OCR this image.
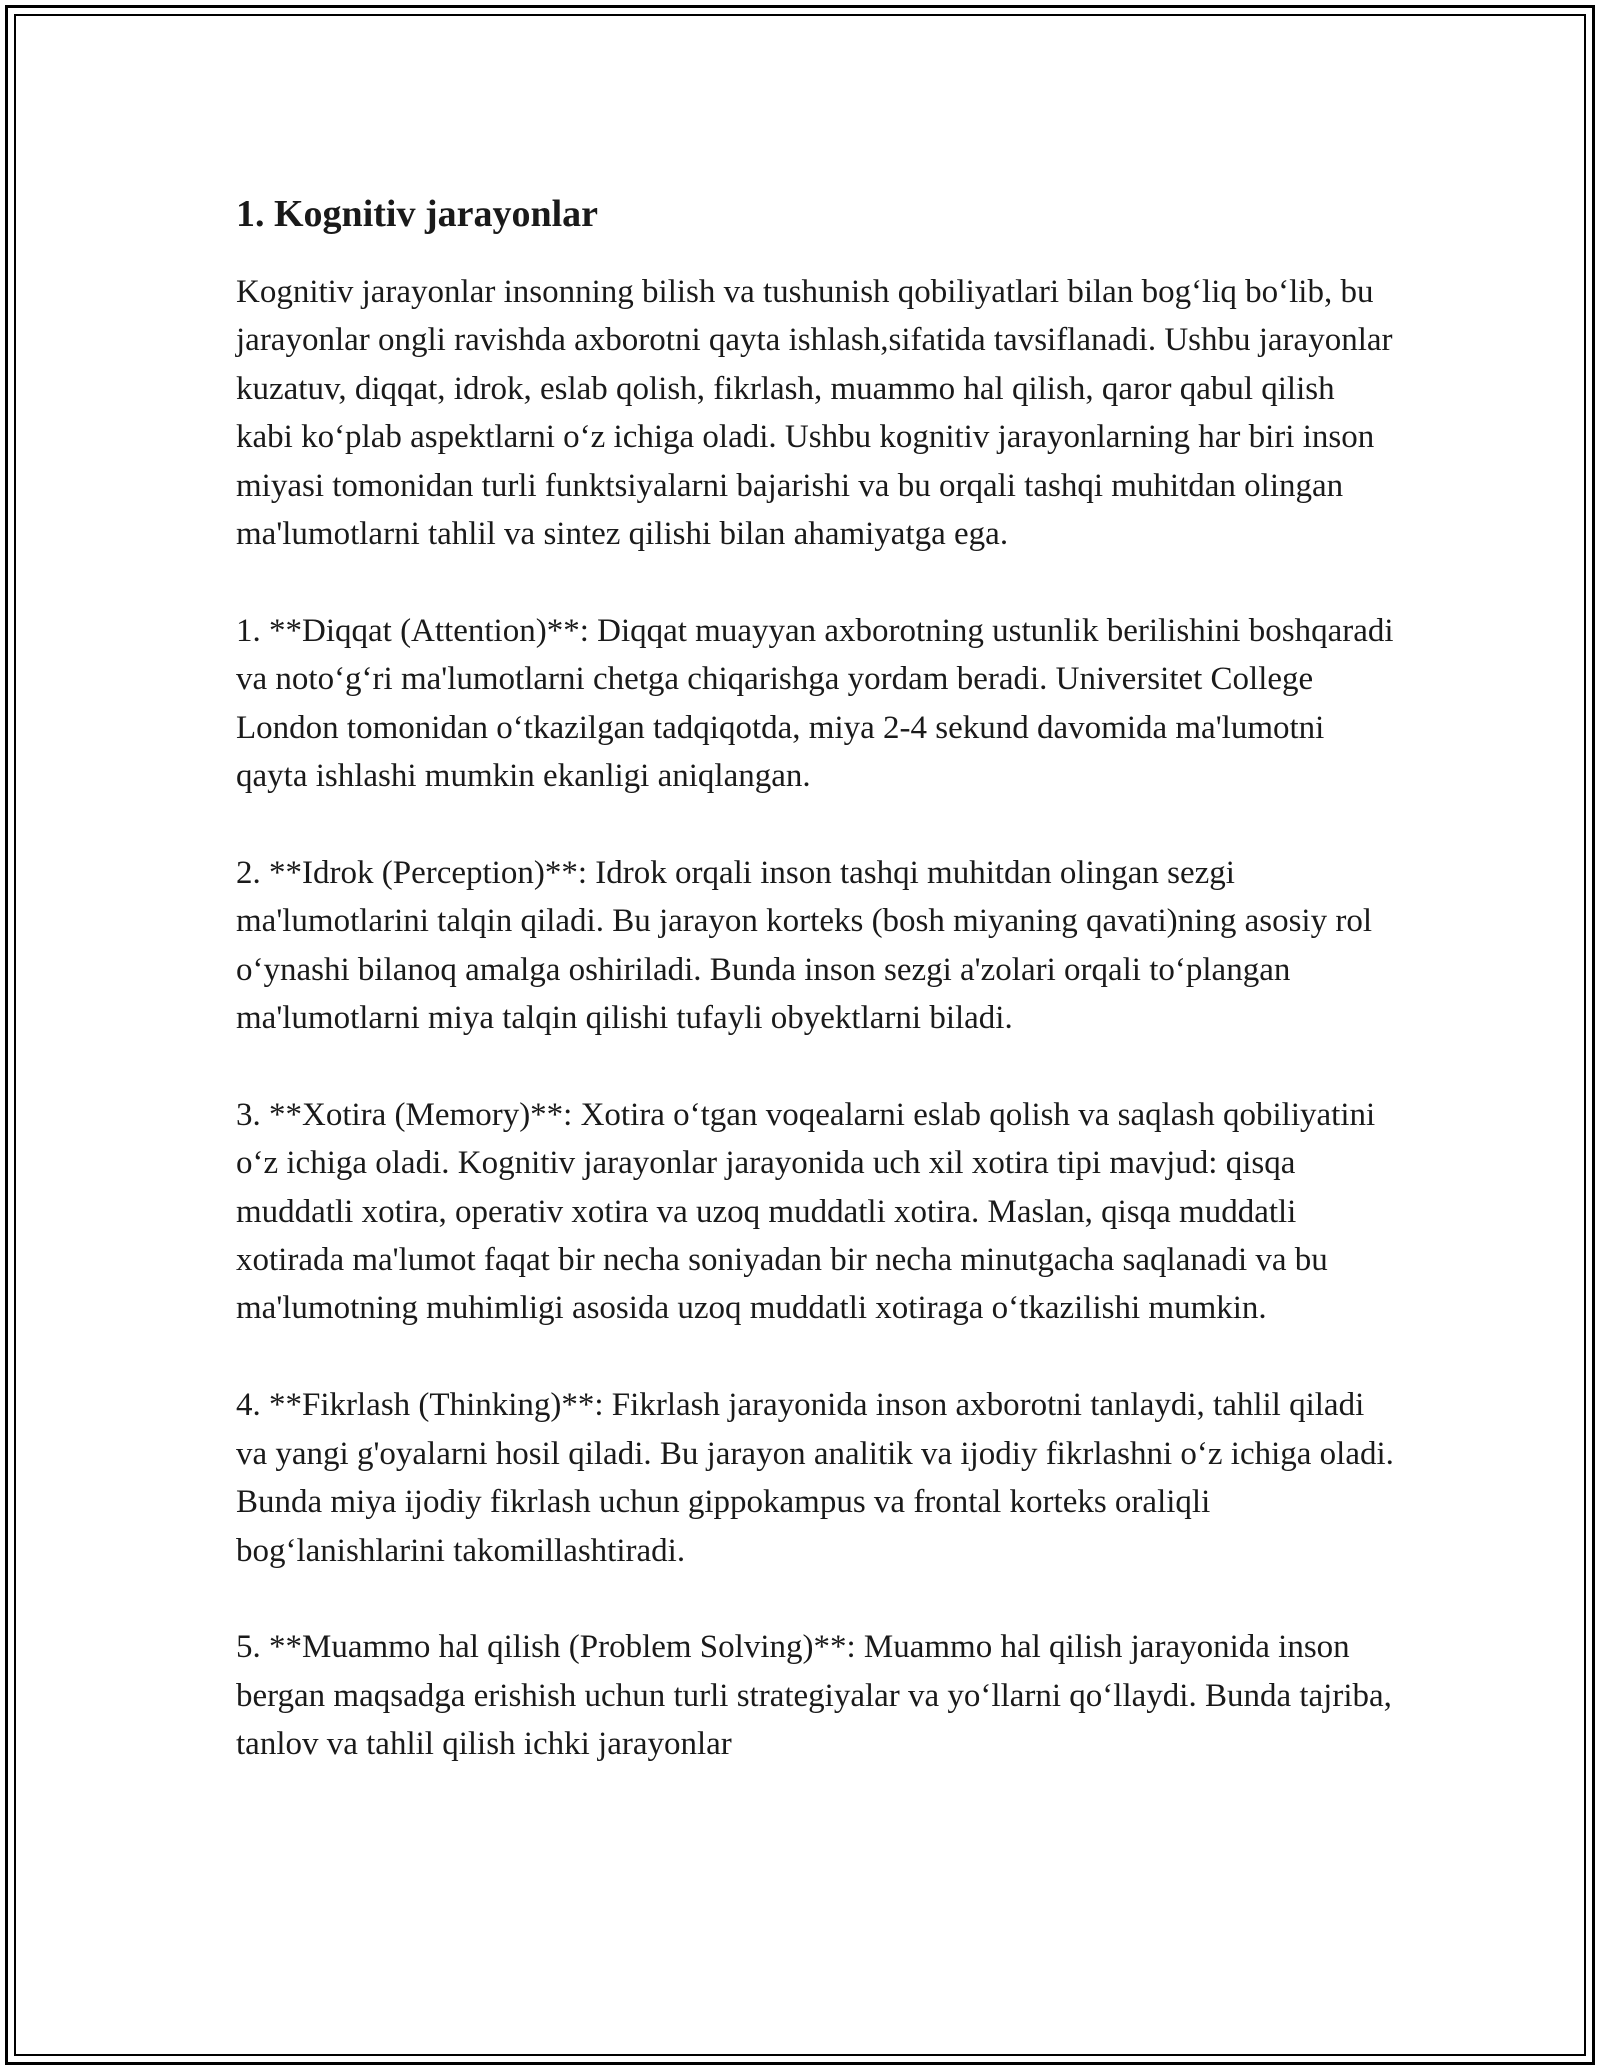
1. Kognitiv jarayonlar

Kognitiv jarayonlar insonning bilish va tushunish qobiliyatlari bilan bog‘liq bo‘lib, bu jarayonlar ongli ravishda axborotni qayta ishlash,sifatida tavsiflanadi. Ushbu jarayonlar kuzatuv, diqqat, idrok, eslab qolish, fikrlash, muammo hal qilish, qaror qabul qilish kabi ko‘plab aspektlarni o‘z ichiga oladi. Ushbu kognitiv jarayonlarning har biri inson miyasi tomonidan turli funktsiyalarni bajarishi va bu orqali tashqi muhitdan olingan ma'lumotlarni tahlil va sintez qilishi bilan ahamiyatga ega.

1. **Diqqat (Attention)**: Diqqat muayyan axborotning ustunlik berilishini boshqaradi va noto‘g‘ri ma'lumotlarni chetga chiqarishga yordam beradi. Universitet College London tomonidan o‘tkazilgan tadqiqotda, miya 2-4 sekund davomida ma'lumotni qayta ishlashi mumkin ekanligi aniqlangan.

2. **Idrok (Perception)**: Idrok orqali inson tashqi muhitdan olingan sezgi ma'lumotlarini talqin qiladi. Bu jarayon korteks (bosh miyaning qavati)ning asosiy rol o‘ynashi bilanoq amalga oshiriladi. Bunda inson sezgi a'zolari orqali to‘plangan ma'lumotlarni miya talqin qilishi tufayli obyektlarni biladi.

3. **Xotira (Memory)**: Xotira o‘tgan voqealarni eslab qolish va saqlash qobiliyatini o‘z ichiga oladi. Kognitiv jarayonlar jarayonida uch xil xotira tipi mavjud: qisqa muddatli xotira, operativ xotira va uzoq muddatli xotira. Maslan, qisqa muddatli xotirada ma'lumot faqat bir necha soniyadan bir necha minutgacha saqlanadi va bu ma'lumotning muhimligi asosida uzoq muddatli xotiraga o‘tkazilishi mumkin.

4. **Fikrlash (Thinking)**: Fikrlash jarayonida inson axborotni tanlaydi, tahlil qiladi va yangi g'oyalarni hosil qiladi. Bu jarayon analitik va ijodiy fikrlashni o‘z ichiga oladi. Bunda miya ijodiy fikrlash uchun gippokampus va frontal korteks oraliqli bog‘lanishlarini takomillashtiradi.

5. **Muammo hal qilish (Problem Solving)**: Muammo hal qilish jarayonida inson bergan maqsadga erishish uchun turli strategiyalar va yo‘llarni qo‘llaydi. Bunda tajriba, tanlov va tahlil qilish ichki jarayonlar
